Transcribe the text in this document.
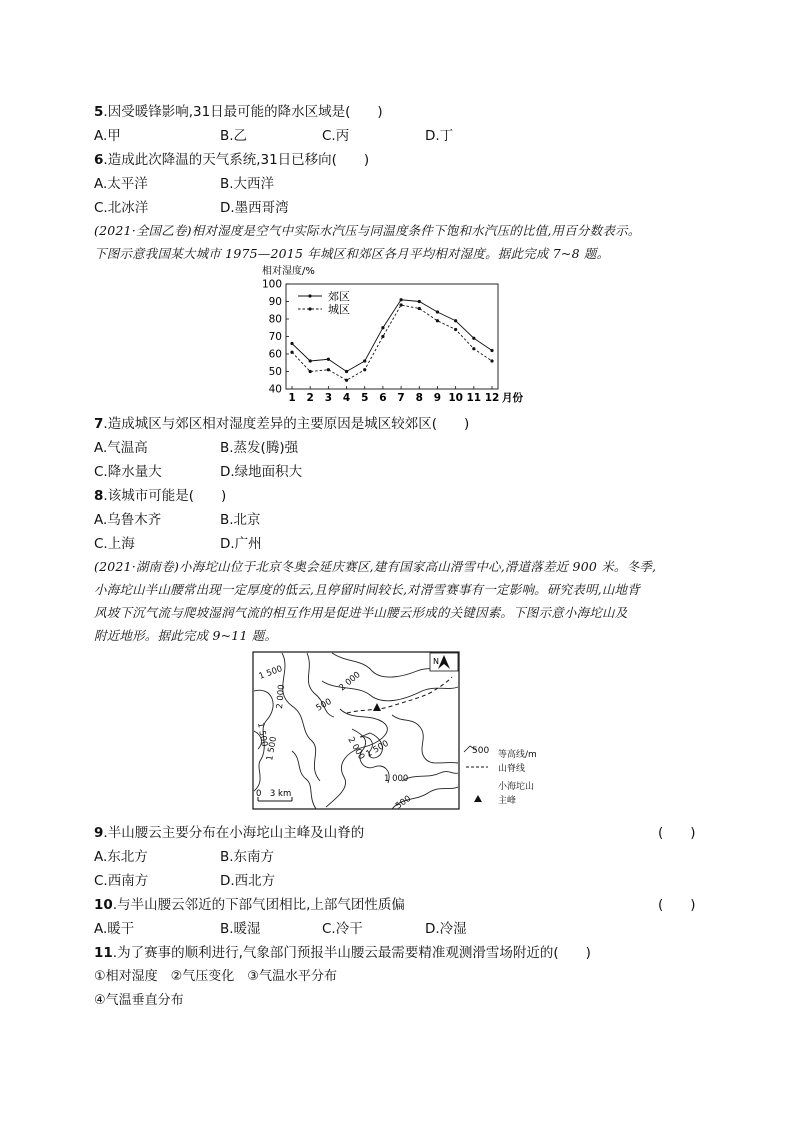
5.因受暖锋影响,31日最可能的降水区域是(　　)
A.甲	B.乙	C.丙	D.丁
6.造成此次降温的天气系统,31日已移向(　　)
A.太平洋	B.大西洋
C.北冰洋	D.墨西哥湾
(2021·全国乙卷)相对湿度是空气中实际水汽压与同温度条件下饱和水汽压的比值,用百分数表示。
下图示意我国某大城市 1975—2015 年城区和郊区各月平均相对湿度。据此完成 7~8 题。
相对湿度/%
100
90
80
70
60
50
40
1 2 3 4 5 6 7 8 9 10 11 12 月份
郊区
城区
7.造成城区与郊区相对湿度差异的主要原因是城区较郊区(　　)
A.气温高	B.蒸发(腾)强
C.降水量大	D.绿地面积大
8.该城市可能是(　　)
A.乌鲁木齐	B.北京
C.上海	D.广州
(2021·湖南卷)小海坨山位于北京冬奥会延庆赛区,建有国家高山滑雪中心,滑道落差近 900 米。冬季,
小海坨山半山腰常出现一定厚度的低云,且停留时间较长,对滑雪赛事有一定影响。研究表明,山地背
风坡下沉气流与爬坡湿润气流的相互作用是促进半山腰云形成的关键因素。下图示意小海坨山及
附近地形。据此完成 9~11 题。
1 500	2 000
1 500
2 000
1 500
500
2 000
1 500
1 000
500
N
0　3 km
500 等高线/m
山脊线
小海坨山
主峰
9.半山腰云主要分布在小海坨山主峰及山脊的	(　　)
A.东北方	B.东南方
C.西南方	D.西北方
10.与半山腰云邻近的下部气团相比,上部气团性质偏	(　　)
A.暖干	B.暖湿	C.冷干	D.冷湿
11.为了赛事的顺利进行,气象部门预报半山腰云最需要精准观测滑雪场附近的(　　)
①相对湿度　②气压变化　③气温水平分布
④气温垂直分布
